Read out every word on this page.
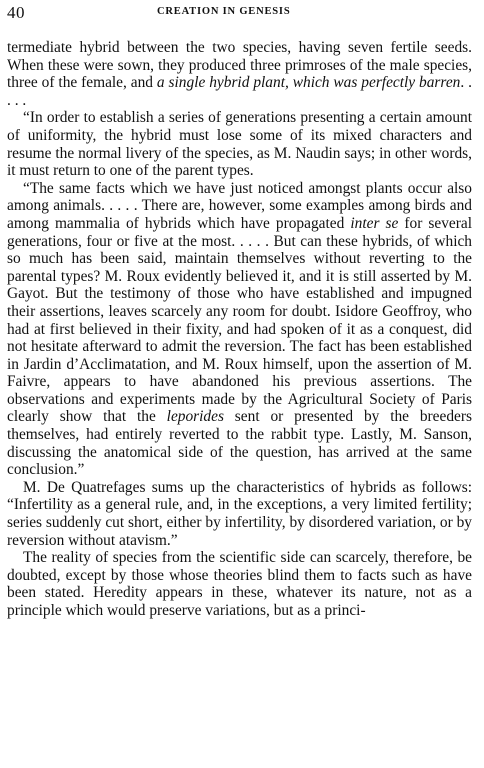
40	CREATION IN GENESIS

termediate hybrid between the two species, having seven fertile seeds. When these were sown, they produced three primroses of the male species, three of the female, and a single hybrid plant, which was perfectly barren. . . . .

“In order to establish a series of generations presenting a certain amount of uniformity, the hybrid must lose some of its mixed characters and resume the normal livery of the species, as M. Naudin says; in other words, it must return to one of the parent types.

“The same facts which we have just noticed amongst plants occur also among animals. . . . . There are, however, some examples among birds and among mammalia of hybrids which have propagated inter se for several generations, four or five at the most. . . . . But can these hybrids, of which so much has been said, maintain themselves without reverting to the parental types? M. Roux evidently believed it, and it is still asserted by M. Gayot. But the testimony of those who have established and impugned their assertions, leaves scarcely any room for doubt. Isidore Geoffroy, who had at first believed in their fixity, and had spoken of it as a conquest, did not hesitate afterward to admit the reversion. The fact has been established in Jardin d’Acclimatation, and M. Roux himself, upon the assertion of M. Faivre, appears to have abandoned his previous assertions. The observations and experiments made by the Agricultural Society of Paris clearly show that the leporides sent or presented by the breeders themselves, had entirely reverted to the rabbit type. Lastly, M. Sanson, discussing the anatomical side of the question, has arrived at the same conclusion.”

M. De Quatrefages sums up the characteristics of hybrids as follows: “Infertility as a general rule, and, in the exceptions, a very limited fertility; series suddenly cut short, either by infertility, by disordered variation, or by reversion without atavism.”

The reality of species from the scientific side can scarcely, therefore, be doubted, except by those whose theories blind them to facts such as have been stated. Heredity appears in these, whatever its nature, not as a principle which would preserve variations, but as a princi-
